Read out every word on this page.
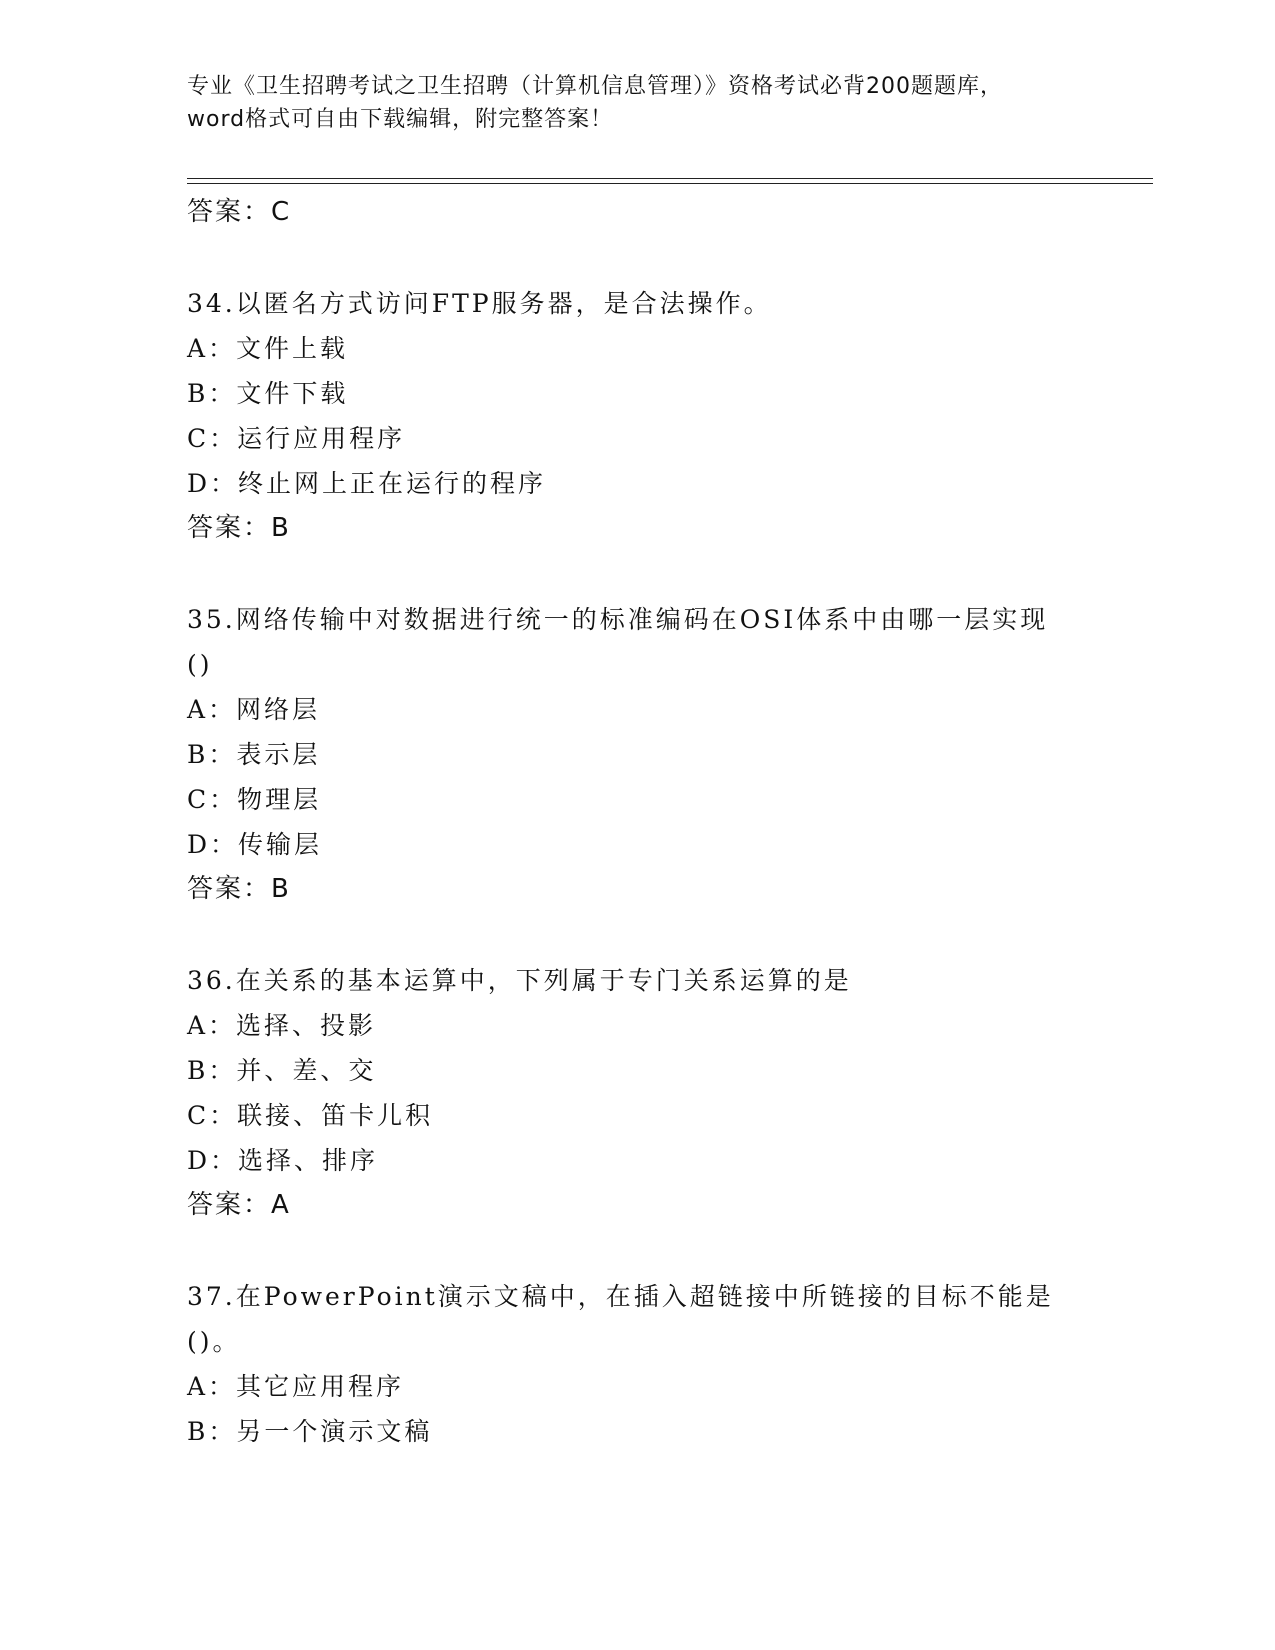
专业《卫生招聘考试之卫生招聘（计算机信息管理）》资格考试必背200题题库，
word格式可自由下载编辑，附完整答案！
答案：C
34.以匿名方式访问FTP服务器，是合法操作。
A：文件上载
B：文件下载
C：运行应用程序
D：终止网上正在运行的程序
答案：B
35.网络传输中对数据进行统一的标准编码在OSI体系中由哪一层实现
()
A：网络层
B：表示层
C：物理层
D：传输层
答案：B
36.在关系的基本运算中，下列属于专门关系运算的是
A：选择、投影
B：并、差、交
C：联接、笛卡儿积
D：选择、排序
答案：A
37.在PowerPoint演示文稿中，在插入超链接中所链接的目标不能是
()。
A：其它应用程序
B：另一个演示文稿
